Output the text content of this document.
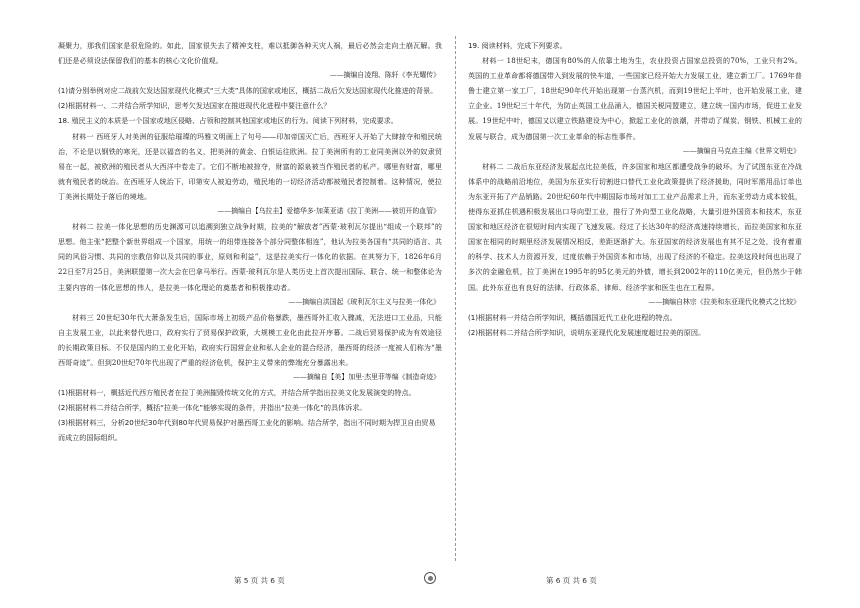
凝聚力，那我们国家是很危险的。如此，国家很失去了精神支柱，难以抵御各种天灾人祸，最后必然会走向土崩瓦解。我们还是必须设法保留我们的基本的核心文化价值观。

——摘编自凌翔、陈轩《李光耀传》

(1)请分别举例对应二战前欠发达国家现代化模式“三大类”具体的国家或地区，概括二战后欠发达国家现代化推进的背景。

(2)根据材料一、二并结合所学知识，思考欠发达国家在推进现代化进程中要注意什么？

18. 殖民主义的本质是一个国家或地区侵略、占领和控制其他国家或地区的行为。阅读下列材料，完成要求。

材料一 西班牙人对美洲的征服给璀璨的玛雅文明画上了句号——印加帝国灭亡后，西班牙人开始了大肆掠夺和殖民统治，不论是以钢铁的寒光，还是以福音的名义，把美洲的黄金、白银运往欧洲。拉丁美洲所有的工业同美洲以外的奴隶贸易在一起，被欧洲的殖民者从大西洋中卷走了。它们不断地被掠夺，财富的源泉被当作殖民者的私产。哪里有财富，哪里就有殖民者的统治。在西班牙人统治下，印第安人被迫劳动，殖民地的一切经济活动都被殖民者控制着。这种情况，使拉丁美洲长期处于落后的境地。

——摘编自【乌拉圭】爱德华多·加莱亚诺《拉丁美洲——被切开的血管》

材料二 拉美一体化思想的历史渊源可以追溯到独立战争时期，拉美的“解放者”西蒙·玻利瓦尔提出“组成一个联邦”的思想。他主张“把整个新世界组成一个国家，用统一的纽带连接各个部分同整体相连”，他认为拉美各国有“共同的语言、共同的风俗习惯、共同的宗教信仰以及共同的事业，原则和利益”，这是拉美实行一体化的依据。在其努力下，1826年6月22日至7月25日，美洲联盟第一次大会在巴拿马举行。西蒙·玻利瓦尔是人类历史上首次提出国际、联合、统一和整体论为主要内容的一体化思想的伟人，是拉美一体化理论的奠基者和积极推动者。

——摘编自洪国起《玻利瓦尔主义与拉美一体化》

材料三 20世纪30年代大萧条发生后，国际市场上初级产品价格暴跌，墨西哥外汇收入骤减，无法进口工业品，只能自主发展工业，以此来替代进口，政府实行了贸易保护政策，大规模工业化由此拉开序幕。二战后贸易保护成为有效途径的长期政策目标。不仅是国内的工业化开始，政府实行国营企业和私人企业的混合经济，墨西哥的经济一度被人们称为“墨西哥奇迹”。但到20世纪70年代出现了严重的经济危机，保护主义带来的弊端充分暴露出来。

——摘编自【美】加里·杰里菲等编《制造奇迹》

(1)根据材料一，概括近代西方殖民者在拉丁美洲摧毁传统文化的方式，并结合所学指出拉美文化发展演变的特点。

(2)根据材料二并结合所学，概括“拉美一体化”能够实现的条件，并指出“拉美一体化”的具体诉求。

(3)根据材料三，分析20世纪30年代到80年代贸易保护对墨西哥工业化的影响。结合所学，指出不同时期为捍卫自由贸易而成立的国际组织。

19. 阅读材料，完成下列要求。

材料一 18世纪末，德国有80%的人依靠土地为生，农业投资占国家总投资的70%，工业只有2%。英国的工业革命都将德国带入到发展的快车道，一些国家已经开始大力发展工业，建立新工厂。1769年普鲁士建立第一家工厂，18世纪90年代开始出现第一台蒸汽机，而到19世纪上半叶，也开始发展工业，建立企业。19世纪三十年代，为防止英国工业品涌入，德国关税同盟建立，建立统一国内市场，促进工业发展。19世纪中叶，德国又以建立铁路建设为中心，掀起工业化的浪潮，并带动了煤炭、钢铁、机械工业的发展与联合，成为德国第一次工业革命的标志性事件。

——摘编自马克垚主编《世界文明史》

材料二 二战后东亚经济发展起点比拉美低，许多国家和地区都遭受战争的破坏。为了试图东亚在冷战体系中的战略前沿地位，美国为东亚实行切割进口替代工业化政策提供了经济援助，同时军需用品订单也为东亚开拓了产品销路。20世纪60年代中期国际市场对加工工业产品需求上升，而东亚劳动力成本较低，使得东亚抓住机遇积极发展出口导向型工业，推行了外向型工业化战略，大量引进外国资本和技术，东亚国家和地区经济在很短时间内实现了飞速发展。经过了长达30年的经济高速持续增长，而拉美国家和东亚国家在相同的时期里经济发展情况相反，差距逐渐扩大。东亚国家的经济发展也有其不足之处，没有着重的科学、技术人力资源开发，过度依赖于外国资本和市场，出现了经济的不稳定。拉美这段时间也出现了多次的金融危机，拉丁美洲在1995年的95亿美元的外债，增长到2002年的110亿美元，但仍然少于韩国。此外东亚也有良好的法律、行政体系，律师、经济学家和医生也在工程界。

——摘编自林宗《拉美和东亚现代化模式之比较》

(1)根据材料一并结合所学知识，概括德国近代工业化进程的特点。

(2)根据材料二并结合所学知识，说明东亚现代化发展速度超过拉美的原因。

第 5 页 共 6 页	第 6 页 共 6 页
